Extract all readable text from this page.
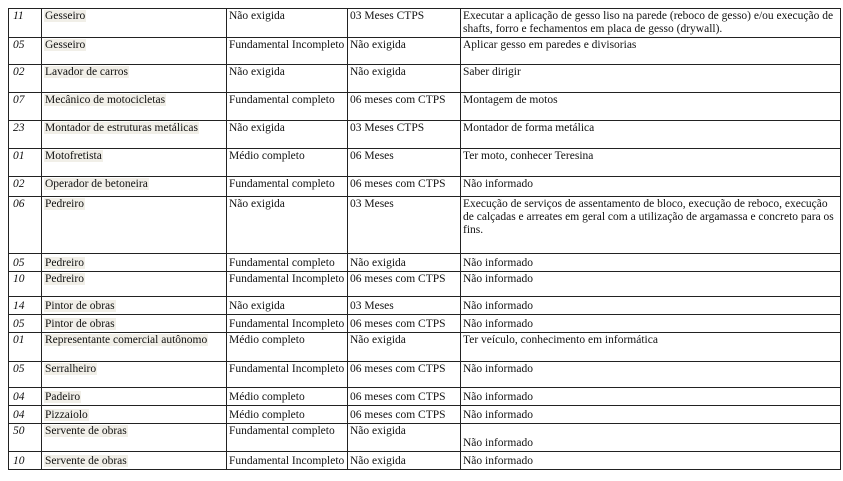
11	Gesseiro	Não exigida	03 Meses CTPS	Executar a aplicação de gesso liso na parede (reboco de gesso) e/ou execução de shafts, forro e fechamentos em placa de gesso (drywall).
05	Gesseiro	Fundamental Incompleto	Não exigida	Aplicar gesso em paredes e divisorias
02	Lavador de carros	Não exigida	Não exigida	Saber dirigir
07	Mecânico de motocicletas	Fundamental completo	06 meses com CTPS	Montagem de motos
23	Montador de estruturas metálicas	Não exigida	03 Meses CTPS	Montador de forma metálica
01	Motofretista	Médio completo	06 Meses	Ter moto, conhecer Teresina
02	Operador de betoneira	Fundamental completo	06 meses com CTPS	Não informado
06	Pedreiro	Não exigida	03 Meses	Execução de serviços de assentamento de bloco, execução de reboco, execução de calçadas e arreates em geral com a utilização de argamassa e concreto para os fins.
05	Pedreiro	Fundamental completo	Não exigida	Não informado
10	Pedreiro	Fundamental Incompleto	06 meses com CTPS	Não informado
14	Pintor de obras	Não exigida	03 Meses	Não informado
05	Pintor de obras	Fundamental Incompleto	06 meses com CTPS	Não informado
01	Representante comercial autônomo	Médio completo	Não exigida	Ter veículo, conhecimento em informática
05	Serralheiro	Fundamental Incompleto	06 meses com CTPS	Não informado
04	Padeiro	Médio completo	06 meses com CTPS	Não informado
04	Pizzaiolo	Médio completo	06 meses com CTPS	Não informado
50	Servente de obras	Fundamental completo	Não exigida	Não informado
10	Servente de obras	Fundamental Incompleto	Não exigida	Não informado
